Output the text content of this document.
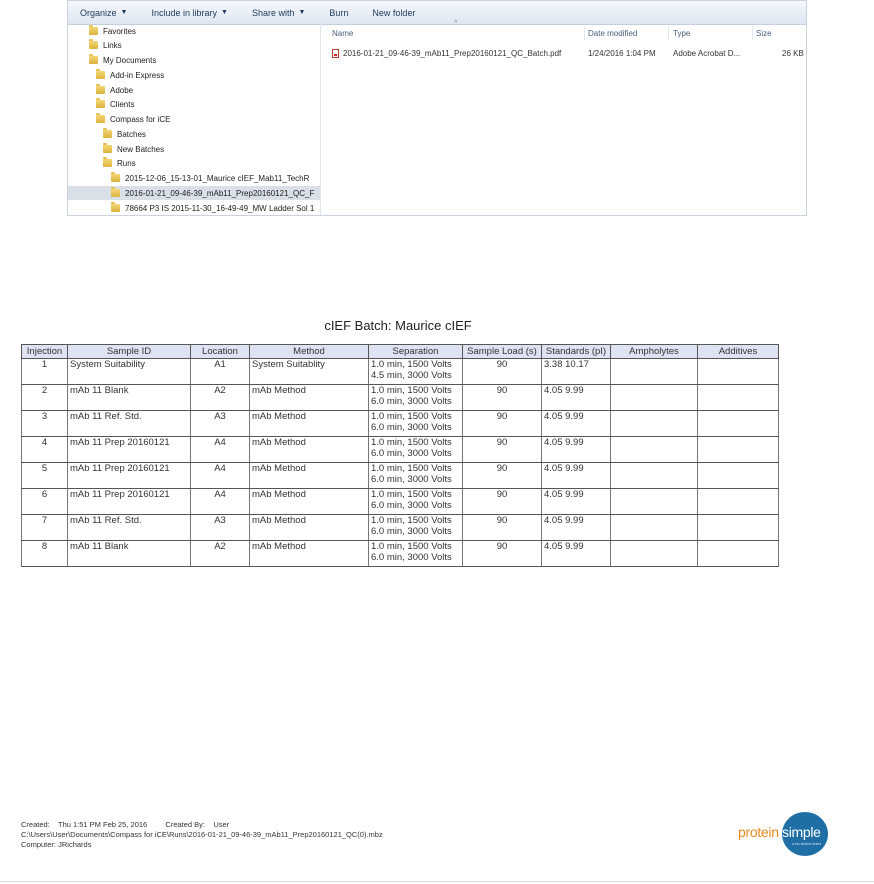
Organize ▼	Include in library ▼	Share with ▼	Burn	New folder
Favorites
Links
My Documents
Add-in Express
Adobe
Clients
Compass for iCE
Batches
New Batches
Runs
2015-12-06_15-13-01_Maurice cIEF_Mab11_TechR
2016-01-21_09-46-39_mAb11_Prep20160121_QC_F
78664 P3 IS 2015-11-30_16-49-49_MW Ladder Sol 1
^
Name	Date modified	Type	Size
2016-01-21_09-46-39_mAb11_Prep20160121_QC_Batch.pdf	1/24/2016 1:04 PM Adobe Acrobat D...	26 KB
cIEF Batch: Maurice cIEF
Injection	Sample ID	Location	Method	Separation	Sample Load (s)	Standards (pI)	Ampholytes	Additives
1	System Suitability	A1	System Suitablity	1.0 min, 1500 Volts
4.5 min, 3000 Volts	90	3.38 10.17		
2	mAb 11 Blank	A2	mAb Method	1.0 min, 1500 Volts
6.0 min, 3000 Volts	90	4.05 9.99		
3	mAb 11 Ref. Std.	A3	mAb Method	1.0 min, 1500 Volts
6.0 min, 3000 Volts	90	4.05 9.99		
4	mAb 11 Prep 20160121	A4	mAb Method	1.0 min, 1500 Volts
6.0 min, 3000 Volts	90	4.05 9.99		
5	mAb 11 Prep 20160121	A4	mAb Method	1.0 min, 1500 Volts
6.0 min, 3000 Volts	90	4.05 9.99		
6	mAb 11 Prep 20160121	A4	mAb Method	1.0 min, 1500 Volts
6.0 min, 3000 Volts	90	4.05 9.99		
7	mAb 11 Ref. Std.	A3	mAb Method	1.0 min, 1500 Volts
6.0 min, 3000 Volts	90	4.05 9.99		
8	mAb 11 Blank	A2	mAb Method	1.0 min, 1500 Volts
6.0 min, 3000 Volts	90	4.05 9.99		
Created: Thu 1:51 PM Feb 25, 2016 Created By: User
C:\Users\User\Documents\Compass for iCE\Runs\2016-01-21_09-46-39_mAb11_Prep20160121_QC(0).mbz
Computer: JRichards
protein simple
a bio-techne brand
